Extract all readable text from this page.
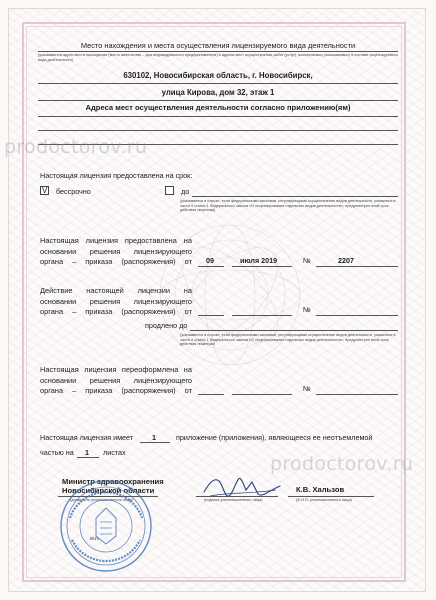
Место нахождения и места осуществления лицензируемого вида деятельности
(указываются адрес места нахождения (место жительства – для индивидуального предпринимателя) и адреса мест осуществления работ (услуг), выполняемых (оказываемых) в составе лицензируемого вида деятельности)
630102, Новосибирская область, г. Новосибирск,
улица Кирова, дом 32, этаж 1
Адреса мест осуществления деятельности согласно приложению(ям)
prodoctorov.ru
Настоящая лицензия предоставлена на срок:
V бессрочно	до
(указывается в случае, если федеральными законами, регулирующими осуществление видов деятельности, указанных в части 4 статьи 1 Федерального закона «О лицензировании отдельных видов деятельности», предусмотрен иной срок действия лицензии)
Настоящая лицензия предоставлена на основании решения лицензирующего органа – приказа (распоряжения) от 09	июля 2019	№	2207
Действие настоящей лицензии на основании решения лицензирующего органа – приказа (распоряжения) от	№
продлено до
(указывается в случае, если федеральными законами, регулирующими осуществление видов деятельности, указанных в части 4 статьи 1 Федерального закона «О лицензировании отдельных видов деятельности», предусмотрен иной срок действия лицензии)
Настоящая лицензия переоформлена на основании решения лицензирующего органа – приказа (распоряжения) от	№
Настоящая лицензия имеет	1	приложение (приложения), являющееся ее неотъемлемой
частью на 1 листах
prodoctorov.ru
Министр здравоохранения
Новосибирской области
(должность уполномоченного лица)	(подпись уполномоченного лица)
К.В. Хальзов
(Ф.И.О. уполномоченного лица)
М.П.
